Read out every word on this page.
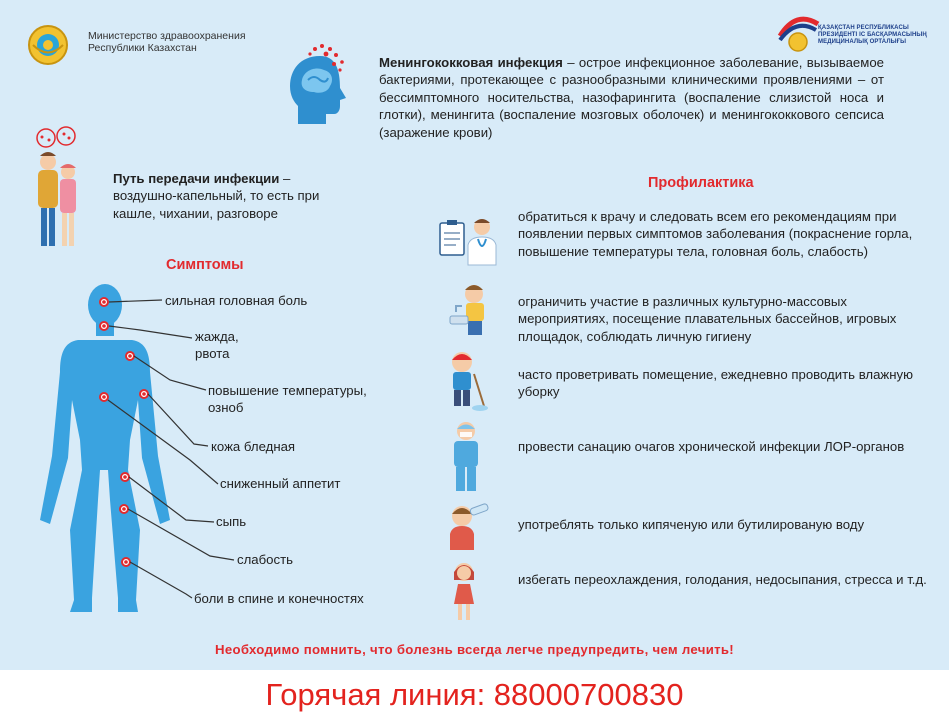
Министерство здравоохранения
Республики Казахстан
ҚАЗАҚСТАН РЕСПУБЛИКАСЫ
ПРЕЗИДЕНТІ ІС БАСҚАРМАСЫНЫҢ
МЕДИЦИНАЛЫҚ ОРТАЛЫҒЫ
Менингококковая инфекция – острое инфекционное заболевание, вызываемое бактериями, протекающее с разнообразными клиническими проявлениями – от бессимптомного носительства, назофарингита (воспаление слизистой носа и глотки), менингита (воспаление мозговых оболочек) и менингококкового сепсиса (заражение крови)
Путь передачи инфекции – воздушно-капельный, то есть при кашле, чихании, разговоре
Симптомы
сильная головная боль
жажда,
рвота
повышение температуры,
озноб
кожа бледная
сниженный аппетит
сыпь
слабость
боли в спине и конечностях
Профилактика
обратиться к врачу и следовать всем его рекомендациям при появлении первых симптомов заболевания (покраснение горла, повышение температуры тела, головная боль, слабость)
ограничить участие в различных культурно-массовых мероприятиях, посещение плавательных бассейнов, игровых площадок, соблюдать личную гигиену
часто проветривать помещение, ежедневно проводить влажную уборку
провести санацию очагов хронической инфекции ЛОР-органов
употреблять только кипяченую или бутилированую воду
избегать переохлаждения, голодания, недосыпания, стресса и т.д.
Необходимо помнить, что болезнь всегда легче предупредить, чем лечить!
Горячая линия: 88000700830
